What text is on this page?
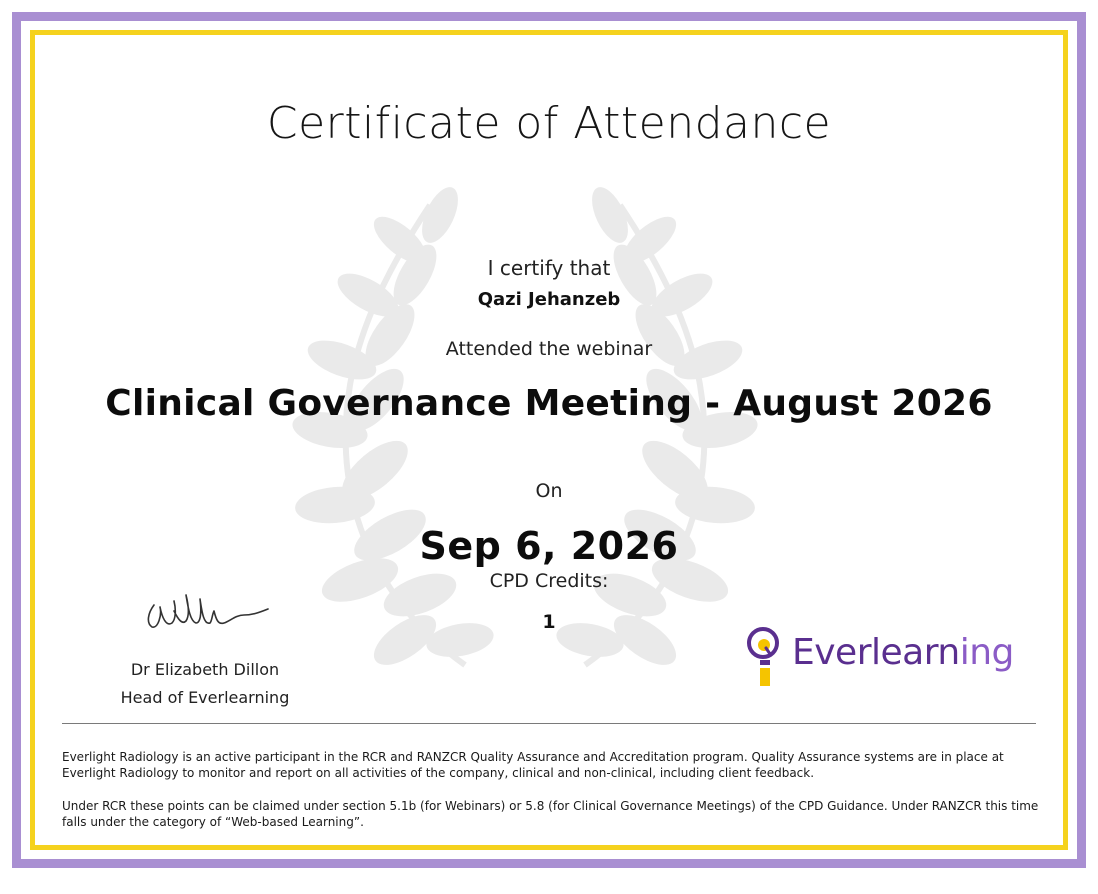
Certificate of Attendance
I certify that
Qazi Jehanzeb
Attended the webinar
Clinical Governance Meeting - August 2026
On
Sep 6, 2026
CPD Credits:
1
Dr Elizabeth Dillon
Head of Everlearning
Everlearning
Everlight Radiology is an active participant in the RCR and RANZCR Quality Assurance and Accreditation program. Quality Assurance systems are in place at Everlight Radiology to monitor and report on all activities of the company, clinical and non-clinical, including client feedback.
Under RCR these points can be claimed under section 5.1b (for Webinars) or 5.8 (for Clinical Governance Meetings) of the CPD Guidance. Under RANZCR this time falls under the category of “Web-based Learning”.
